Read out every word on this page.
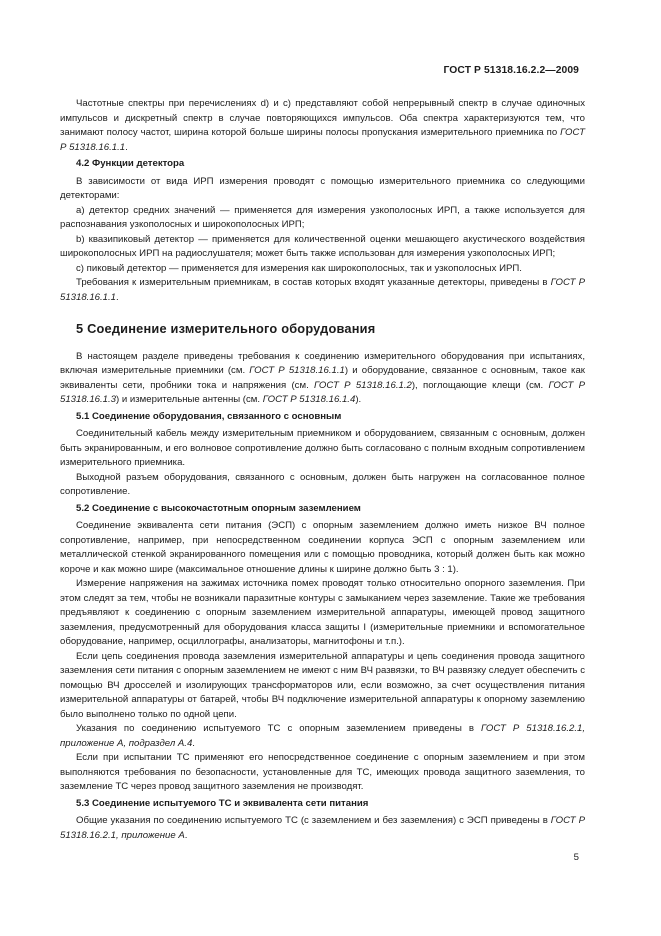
ГОСТ Р 51318.16.2.2—2009

Частотные спектры при перечислениях d) и c) представляют собой непрерывный спектр в случае одиночных импульсов и дискретный спектр в случае повторяющихся импульсов. Оба спектра характеризуются тем, что занимают полосу частот, ширина которой больше ширины полосы пропускания измерительного приемника по ГОСТ Р 51318.16.1.1.

4.2 Функции детектора

В зависимости от вида ИРП измерения проводят с помощью измерительного приемника со следующими детекторами:

a) детектор средних значений — применяется для измерения узкополосных ИРП, а также используется для распознавания узкополосных и широкополосных ИРП;

b) квазипиковый детектор — применяется для количественной оценки мешающего акустического воздействия широкополосных ИРП на радиослушателя; может быть также использован для измерения узкополосных ИРП;

c) пиковый детектор — применяется для измерения как широкополосных, так и узкополосных ИРП.

Требования к измерительным приемникам, в состав которых входят указанные детекторы, приведены в ГОСТ Р 51318.16.1.1.

5 Соединение измерительного оборудования

В настоящем разделе приведены требования к соединению измерительного оборудования при испытаниях, включая измерительные приемники (см. ГОСТ Р 51318.16.1.1) и оборудование, связанное с основным, такое как эквиваленты сети, пробники тока и напряжения (см. ГОСТ Р 51318.16.1.2), поглощающие клещи (см. ГОСТ Р 51318.16.1.3) и измерительные антенны (см. ГОСТ Р 51318.16.1.4).

5.1 Соединение оборудования, связанного с основным

Соединительный кабель между измерительным приемником и оборудованием, связанным с основным, должен быть экранированным, и его волновое сопротивление должно быть согласовано с полным входным сопротивлением измерительного приемника.

Выходной разъем оборудования, связанного с основным, должен быть нагружен на согласованное полное сопротивление.

5.2 Соединение с высокочастотным опорным заземлением

Соединение эквивалента сети питания (ЭСП) с опорным заземлением должно иметь низкое ВЧ полное сопротивление, например, при непосредственном соединении корпуса ЭСП с опорным заземлением или металлической стенкой экранированного помещения или с помощью проводника, который должен быть как можно короче и как можно шире (максимальное отношение длины к ширине должно быть 3 : 1).

Измерение напряжения на зажимах источника помех проводят только относительно опорного заземления. При этом следят за тем, чтобы не возникали паразитные контуры с замыканием через заземление. Такие же требования предъявляют к соединению с опорным заземлением измерительной аппаратуры, имеющей провод защитного заземления, предусмотренный для оборудования класса защиты I (измерительные приемники и вспомогательное оборудование, например, осциллографы, анализаторы, магнитофоны и т.п.).

Если цепь соединения провода заземления измерительной аппаратуры и цепь соединения провода защитного заземления сети питания с опорным заземлением не имеют с ним ВЧ развязки, то ВЧ развязку следует обеспечить с помощью ВЧ дросселей и изолирующих трансформаторов или, если возможно, за счет осуществления питания измерительной аппаратуры от батарей, чтобы ВЧ подключение измерительной аппаратуры к опорному заземлению было выполнено только по одной цепи.

Указания по соединению испытуемого ТС с опорным заземлением приведены в ГОСТ Р 51318.16.2.1, приложение А, подраздел А.4.

Если при испытании ТС применяют его непосредственное соединение с опорным заземлением и при этом выполняются требования по безопасности, установленные для ТС, имеющих провода защитного заземления, то заземление ТС через провод защитного заземления не производят.

5.3 Соединение испытуемого ТС и эквивалента сети питания

Общие указания по соединению испытуемого ТС (с заземлением и без заземления) с ЭСП приведены в ГОСТ Р 51318.16.2.1, приложение А.

5
